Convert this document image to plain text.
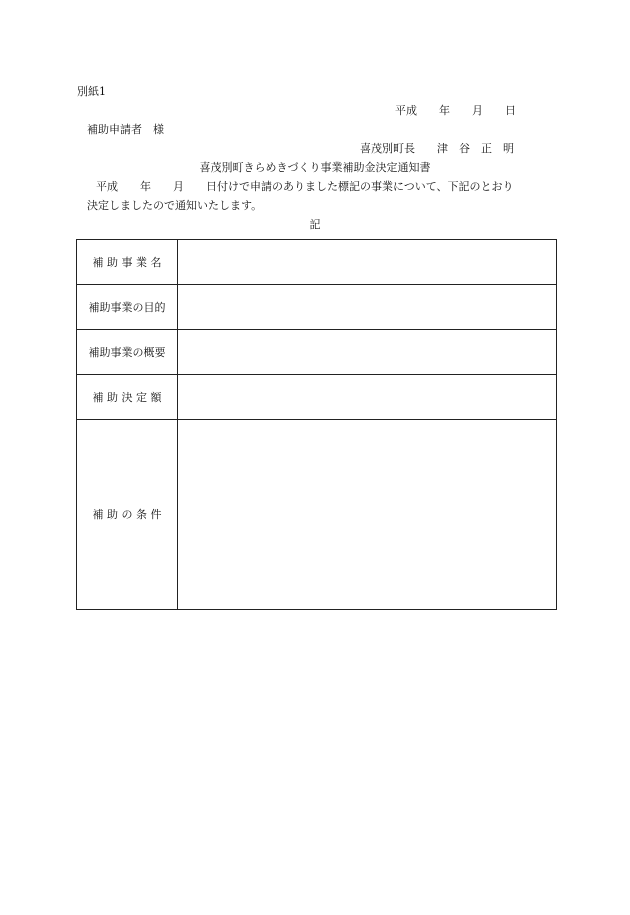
別紙1
平成　　年　　月　　日
補助申請者　様
喜茂別町長　　津　谷　正　明
喜茂別町きらめきづくり事業補助金決定通知書
平成　　年　　月　　日付けで申請のありました標記の事業について、下記のとおり
決定しましたので通知いたします。
記
補 助 事 業 名	
補助事業の目的	
補助事業の概要	
補 助 決 定 額	
補 助 の 条 件	
